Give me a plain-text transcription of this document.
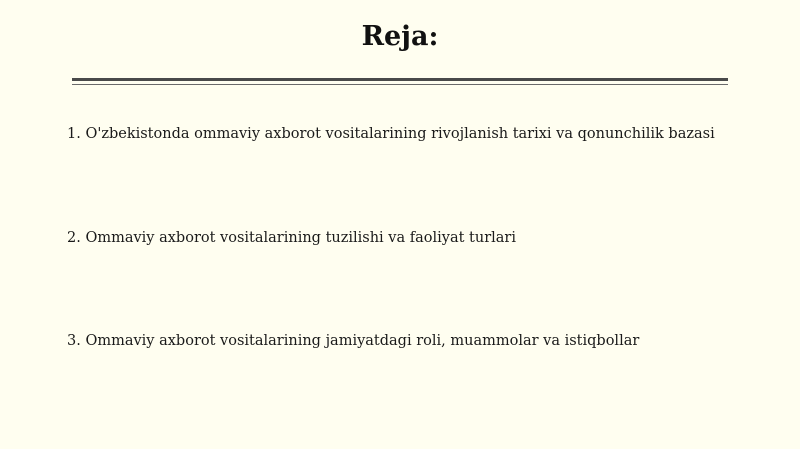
Reja:
1. O'zbekistonda ommaviy axborot vositalarining rivojlanish tarixi va qonunchilik bazasi
2. Ommaviy axborot vositalarining tuzilishi va faoliyat turlari
3. Ommaviy axborot vositalarining jamiyatdagi roli, muammolar va istiqbollar
